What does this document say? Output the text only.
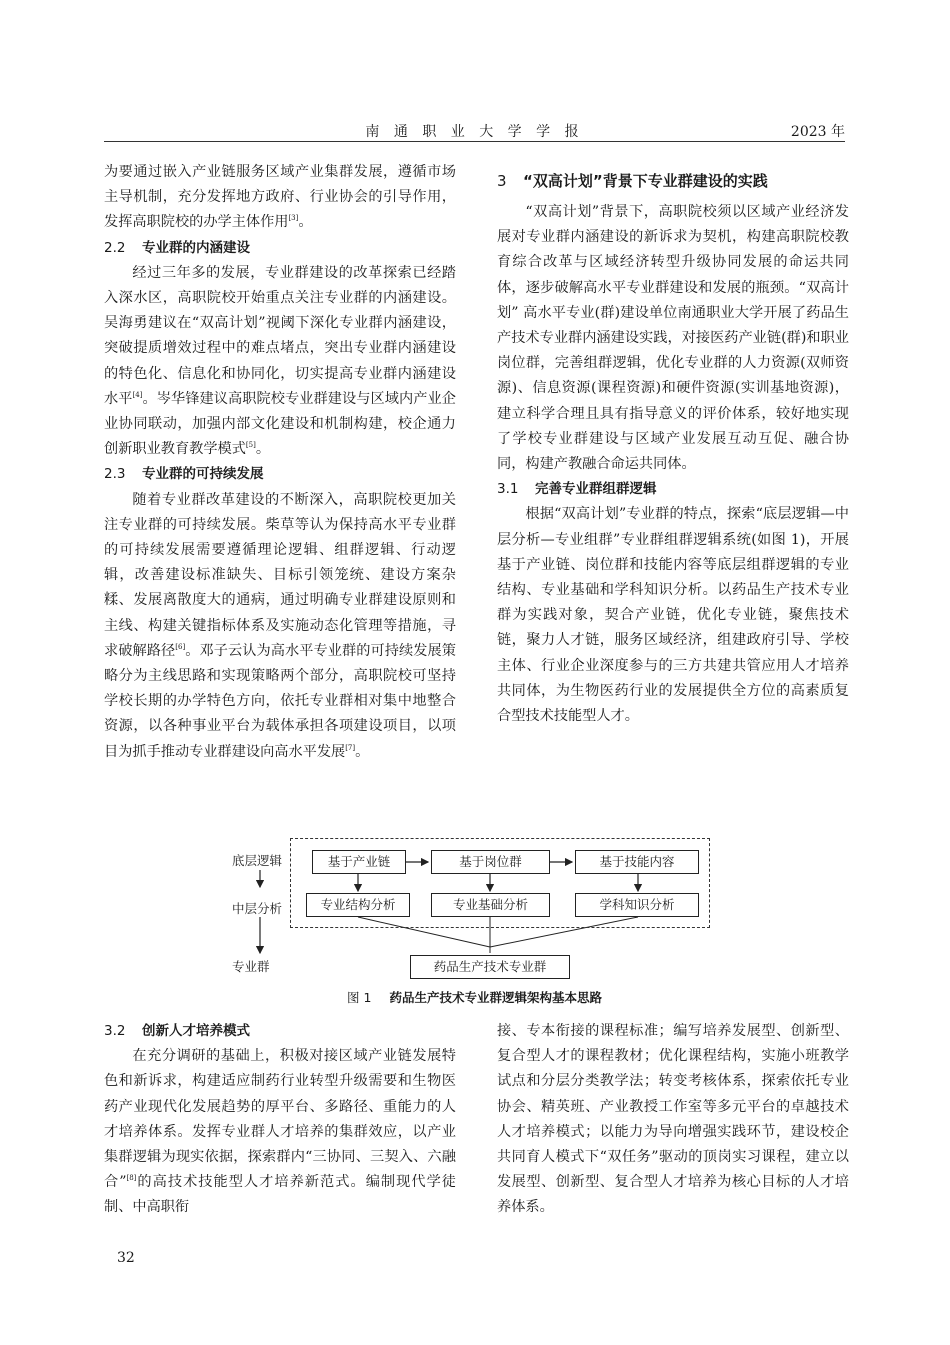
南 通 职 业 大 学 学 报	2023 年

为要通过嵌入产业链服务区域产业集群发展，遵循市场主导机制，充分发挥地方政府、行业协会的引导作用，发挥高职院校的办学主体作用[3]。

2.2 专业群的内涵建设

经过三年多的发展，专业群建设的改革探索已经踏入深水区，高职院校开始重点关注专业群的内涵建设。吴海勇建议在“双高计划”视阈下深化专业群内涵建设，突破提质增效过程中的难点堵点，突出专业群内涵建设的特色化、信息化和协同化，切实提高专业群内涵建设水平[4]。岑华锋建议高职院校专业群建设与区域内产业企业协同联动，加强内部文化建设和机制构建，校企通力创新职业教育教学模式[5]。

2.3 专业群的可持续发展

随着专业群改革建设的不断深入，高职院校更加关注专业群的可持续发展。柴草等认为保持高水平专业群的可持续发展需要遵循理论逻辑、组群逻辑、行动逻辑，改善建设标准缺失、目标引领笼统、建设方案杂糅、发展离散度大的通病，通过明确专业群建设原则和主线、构建关键指标体系及实施动态化管理等措施，寻求破解路径[6]。邓子云认为高水平专业群的可持续发展策略分为主线思路和实现策略两个部分，高职院校可坚持学校长期的办学特色方向，依托专业群相对集中地整合资源，以各种事业平台为载体承担各项建设项目，以项目为抓手推动专业群建设向高水平发展[7]。

3 “双高计划”背景下专业群建设的实践

“双高计划”背景下，高职院校须以区域产业经济发展对专业群内涵建设的新诉求为契机，构建高职院校教育综合改革与区域经济转型升级协同发展的命运共同体，逐步破解高水平专业群建设和发展的瓶颈。“双高计划” 高水平专业(群)建设单位南通职业大学开展了药品生产技术专业群内涵建设实践，对接医药产业链(群)和职业岗位群，完善组群逻辑，优化专业群的人力资源(双师资源)、信息资源(课程资源)和硬件资源(实训基地资源)，建立科学合理且具有指导意义的评价体系，较好地实现了学校专业群建设与区域产业发展互动互促、融合协同，构建产教融合命运共同体。

3.1 完善专业群组群逻辑

根据“双高计划”专业群的特点，探索“底层逻辑—中层分析—专业组群”专业群组群逻辑系统(如图 1)，开展基于产业链、岗位群和技能内容等底层组群逻辑的专业结构、专业基础和学科知识分析。以药品生产技术专业群为实践对象，契合产业链，优化专业链，聚焦技术链，聚力人才链，服务区域经济，组建政府引导、学校主体、行业企业深度参与的三方共建共管应用人才培养共同体，为生物医药行业的发展提供全方位的高素质复合型技术技能型人才。

底层逻辑
中层分析
专业群
基于产业链	基于岗位群	基于技能内容
专业结构分析	专业基础分析	学科知识分析
药品生产技术专业群
图 1 药品生产技术专业群逻辑架构基本思路
3.2 创新人才培养模式

在充分调研的基础上，积极对接区域产业链发展特色和新诉求，构建适应制药行业转型升级需要和生物医药产业现代化发展趋势的厚平台、多路径、重能力的人才培养体系。发挥专业群人才培养的集群效应，以产业集群逻辑为现实依据，探索群内“三协同、三契入、六融合”[8]的高技术技能型人才培养新范式。编制现代学徒制、中高职衔

接、专本衔接的课程标准；编写培养发展型、创新型、复合型人才的课程教材；优化课程结构，实施小班教学试点和分层分类教学法；转变考核体系，探索依托专业协会、精英班、产业教授工作室等多元平台的卓越技术人才培养模式；以能力为导向增强实践环节，建设校企共同育人模式下“双任务”驱动的顶岗实习课程，建立以发展型、创新型、复合型人才培养为核心目标的人才培养体系。

32
